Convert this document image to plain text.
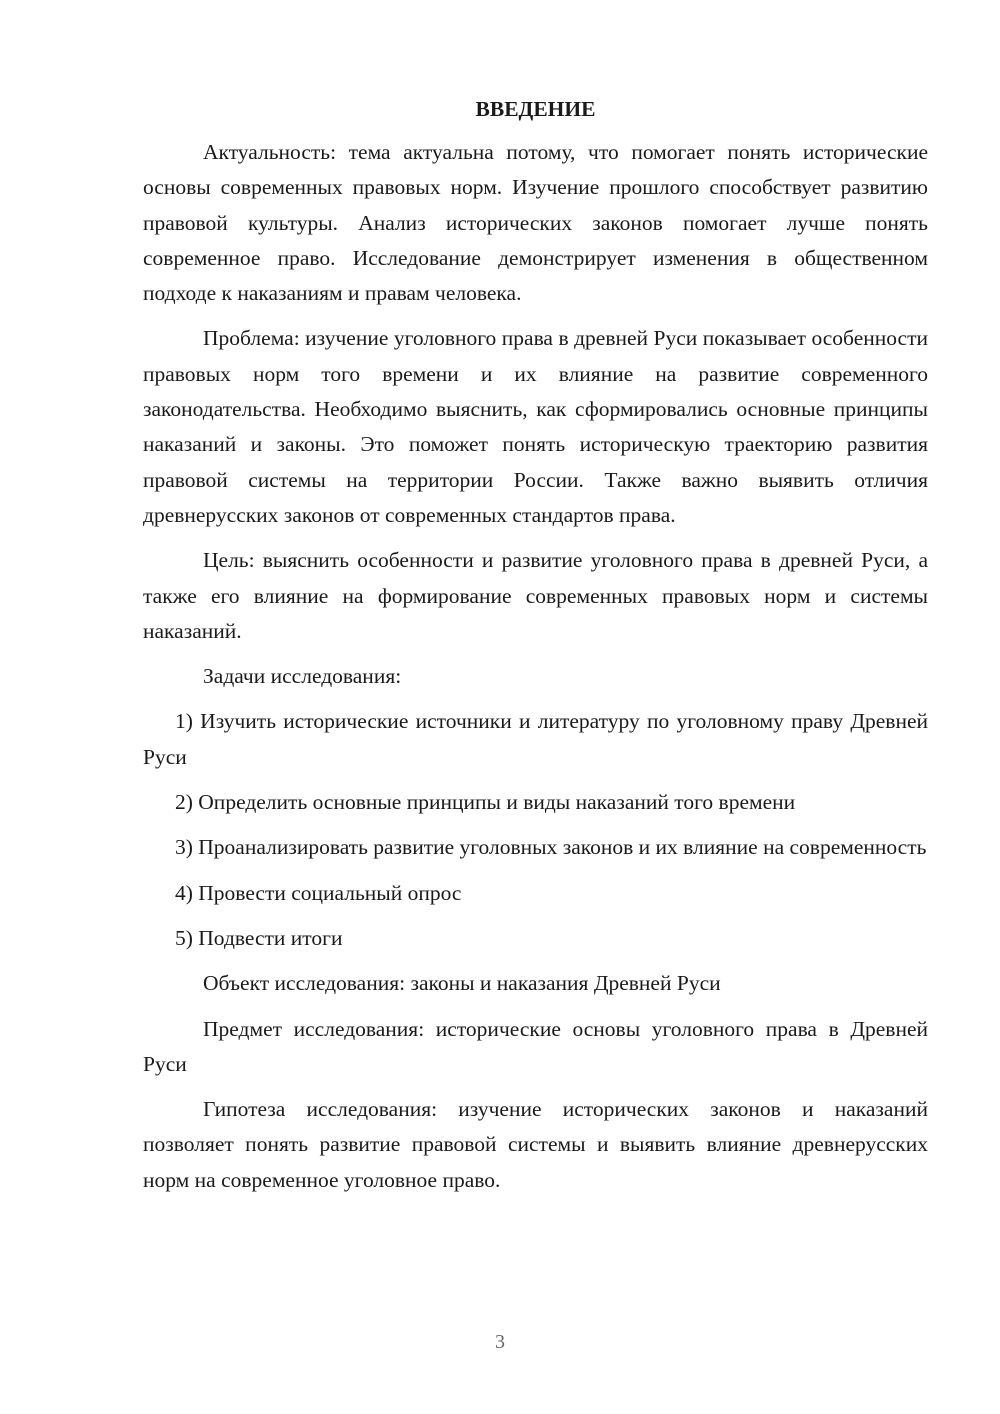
ВВЕДЕНИЕ

Актуальность: тема актуальна потому, что помогает понять исторические основы современных правовых норм. Изучение прошлого способствует развитию правовой культуры. Анализ исторических законов помогает лучше понять современное право. Исследование демонстрирует изменения в общественном подходе к наказаниям и правам человека.

Проблема: изучение уголовного права в древней Руси показывает особенности правовых норм того времени и их влияние на развитие современного законодательства. Необходимо выяснить, как сформировались основные принципы наказаний и законы. Это поможет понять историческую траекторию развития правовой системы на территории России. Также важно выявить отличия древнерусских законов от современных стандартов права.

Цель: выяснить особенности и развитие уголовного права в древней Руси, а также его влияние на формирование современных правовых норм и системы наказаний.

Задачи исследования:

1) Изучить исторические источники и литературу по уголовному праву Древней Руси

2) Определить основные принципы и виды наказаний того времени

3) Проанализировать развитие уголовных законов и их влияние на современность

4) Провести социальный опрос

5) Подвести итоги

Объект исследования: законы и наказания Древней Руси

Предмет исследования: исторические основы уголовного права в Древней Руси

Гипотеза исследования: изучение исторических законов и наказаний позволяет понять развитие правовой системы и выявить влияние древнерусских норм на современное уголовное право.

3
